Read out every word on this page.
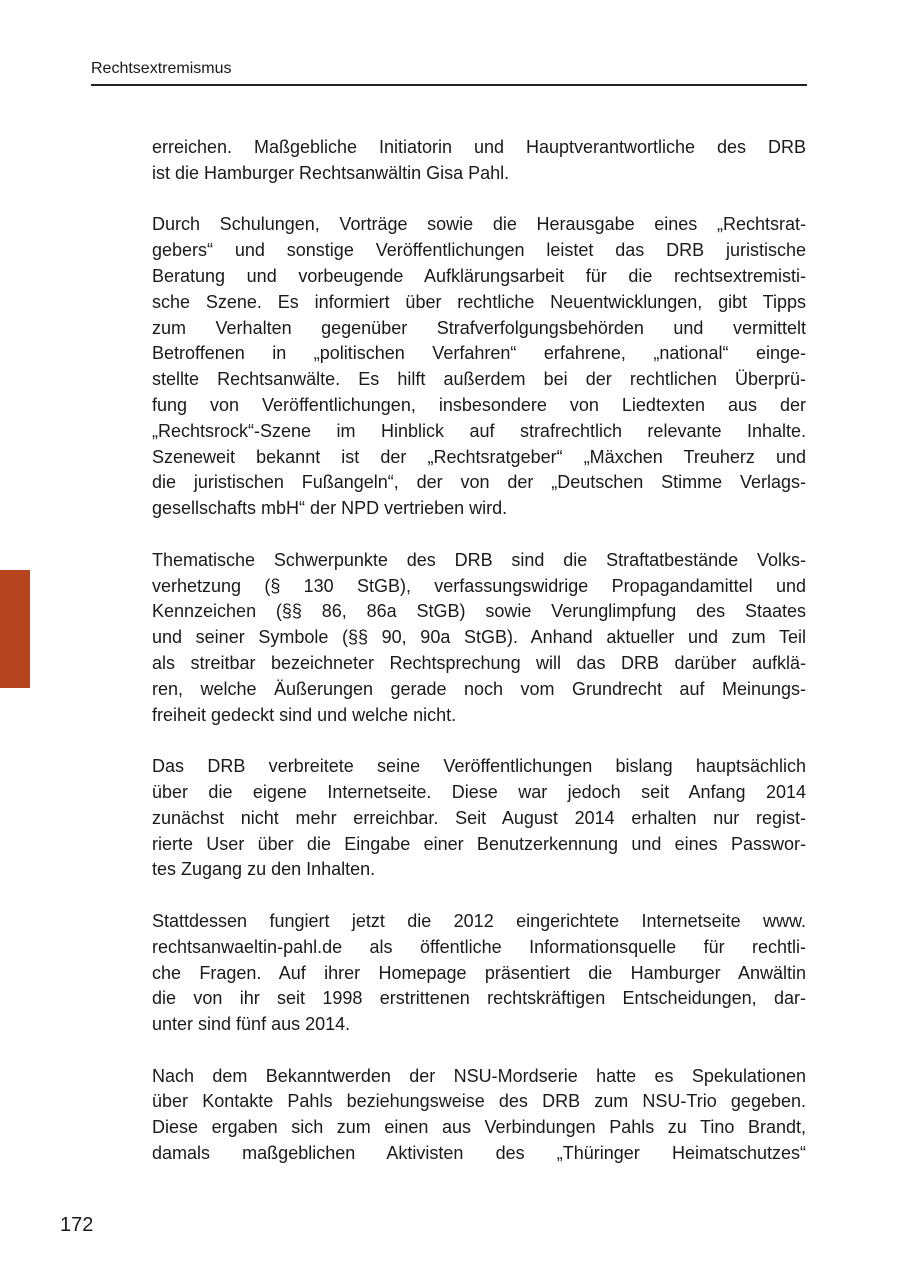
Rechtsextremismus
erreichen. Maßgebliche Initiatorin und Hauptverantwortliche des DRB
ist die Hamburger Rechtsanwältin Gisa Pahl.
Durch Schulungen, Vorträge sowie die Herausgabe eines „Rechtsrat-
gebers“ und sonstige Veröffentlichungen leistet das DRB juristische
Beratung und vorbeugende Aufklärungsarbeit für die rechtsextremisti-
sche Szene. Es informiert über rechtliche Neuentwicklungen, gibt Tipps
zum Verhalten gegenüber Strafverfolgungsbehörden und vermittelt
Betroffenen in „politischen Verfahren“ erfahrene, „national“ einge-
stellte Rechtsanwälte. Es hilft außerdem bei der rechtlichen Überprü-
fung von Veröffentlichungen, insbesondere von Liedtexten aus der
„Rechtsrock“-Szene im Hinblick auf strafrechtlich relevante Inhalte.
Szeneweit bekannt ist der „Rechtsratgeber“ „Mäxchen Treuherz und
die juristischen Fußangeln“, der von der „Deutschen Stimme Verlags-
gesellschafts mbH“ der NPD vertrieben wird.
Thematische Schwerpunkte des DRB sind die Straftatbestände Volks-
verhetzung (§ 130 StGB), verfassungswidrige Propagandamittel und
Kennzeichen (§§ 86, 86a StGB) sowie Verunglimpfung des Staates
und seiner Symbole (§§ 90, 90a StGB). Anhand aktueller und zum Teil
als streitbar bezeichneter Rechtsprechung will das DRB darüber aufklä-
ren, welche Äußerungen gerade noch vom Grundrecht auf Meinungs-
freiheit gedeckt sind und welche nicht.
Das DRB verbreitete seine Veröffentlichungen bislang hauptsächlich
über die eigene Internetseite. Diese war jedoch seit Anfang 2014
zunächst nicht mehr erreichbar. Seit August 2014 erhalten nur regist-
rierte User über die Eingabe einer Benutzerkennung und eines Passwor-
tes Zugang zu den Inhalten.
Stattdessen fungiert jetzt die 2012 eingerichtete Internetseite www.
rechtsanwaeltin-pahl.de als öffentliche Informationsquelle für rechtli-
che Fragen. Auf ihrer Homepage präsentiert die Hamburger Anwältin
die von ihr seit 1998 erstrittenen rechtskräftigen Entscheidungen, dar-
unter sind fünf aus 2014.
Nach dem Bekanntwerden der NSU-Mordserie hatte es Spekulationen
über Kontakte Pahls beziehungsweise des DRB zum NSU-Trio gegeben.
Diese ergaben sich zum einen aus Verbindungen Pahls zu Tino Brandt,
damals maßgeblichen Aktivisten des „Thüringer Heimatschutzes“
172
